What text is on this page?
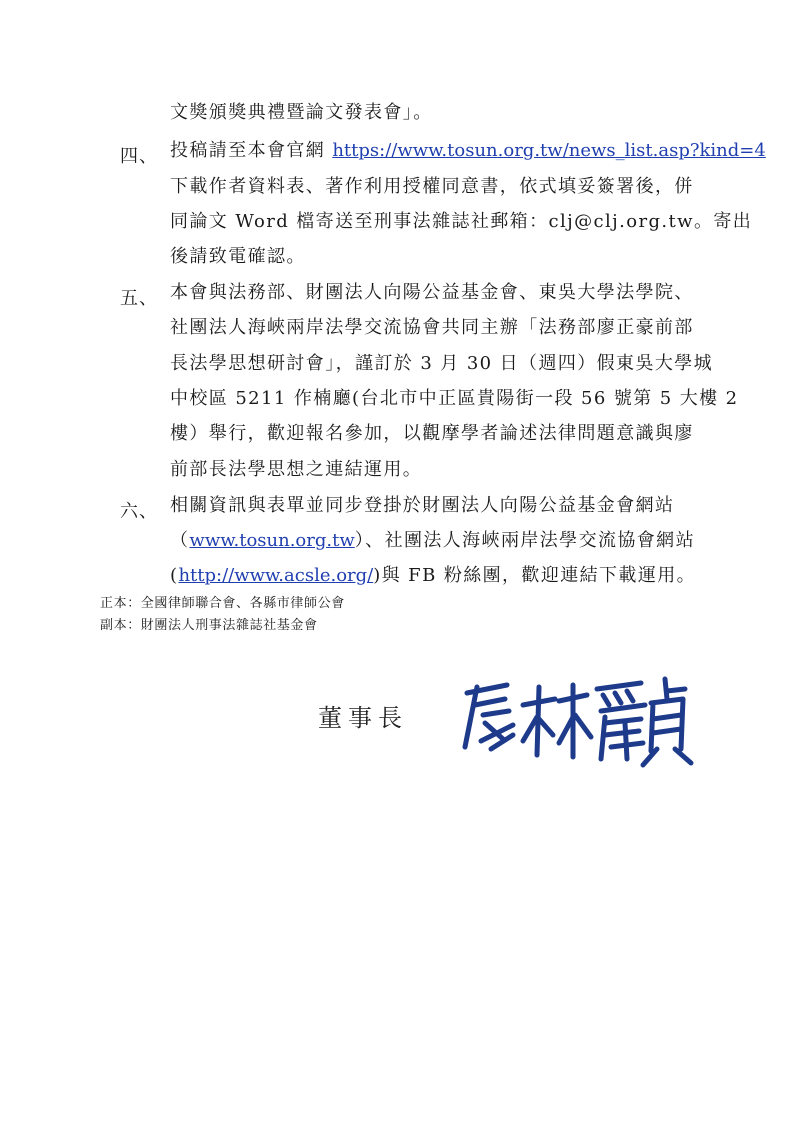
文獎頒獎典禮暨論文發表會」。
四、 投稿請至本會官網 https://www.tosun.org.tw/news_list.asp?kind=4
下載作者資料表、著作利用授權同意書，依式填妥簽署後，併
同論文 Word 檔寄送至刑事法雜誌社郵箱：clj@clj.org.tw。寄出
後請致電確認。
五、 本會與法務部、財團法人向陽公益基金會、東吳大學法學院、
社團法人海峽兩岸法學交流協會共同主辦「法務部廖正豪前部
長法學思想研討會」，謹訂於 3 月 30 日（週四）假東吳大學城
中校區 5211 作楠廳(台北市中正區貴陽街一段 56 號第 5 大樓 2
樓）舉行，歡迎報名參加，以觀摩學者論述法律問題意識與廖
前部長法學思想之連結運用。
六、 相關資訊與表單並同步登掛於財團法人向陽公益基金會網站
（www.tosun.org.tw）、社團法人海峽兩岸法學交流協會網站
(http://www.acsle.org/)與 FB 粉絲團，歡迎連結下載運用。
正本：全國律師聯合會、各縣市律師公會
副本：財團法人刑事法雜誌社基金會
董事長
